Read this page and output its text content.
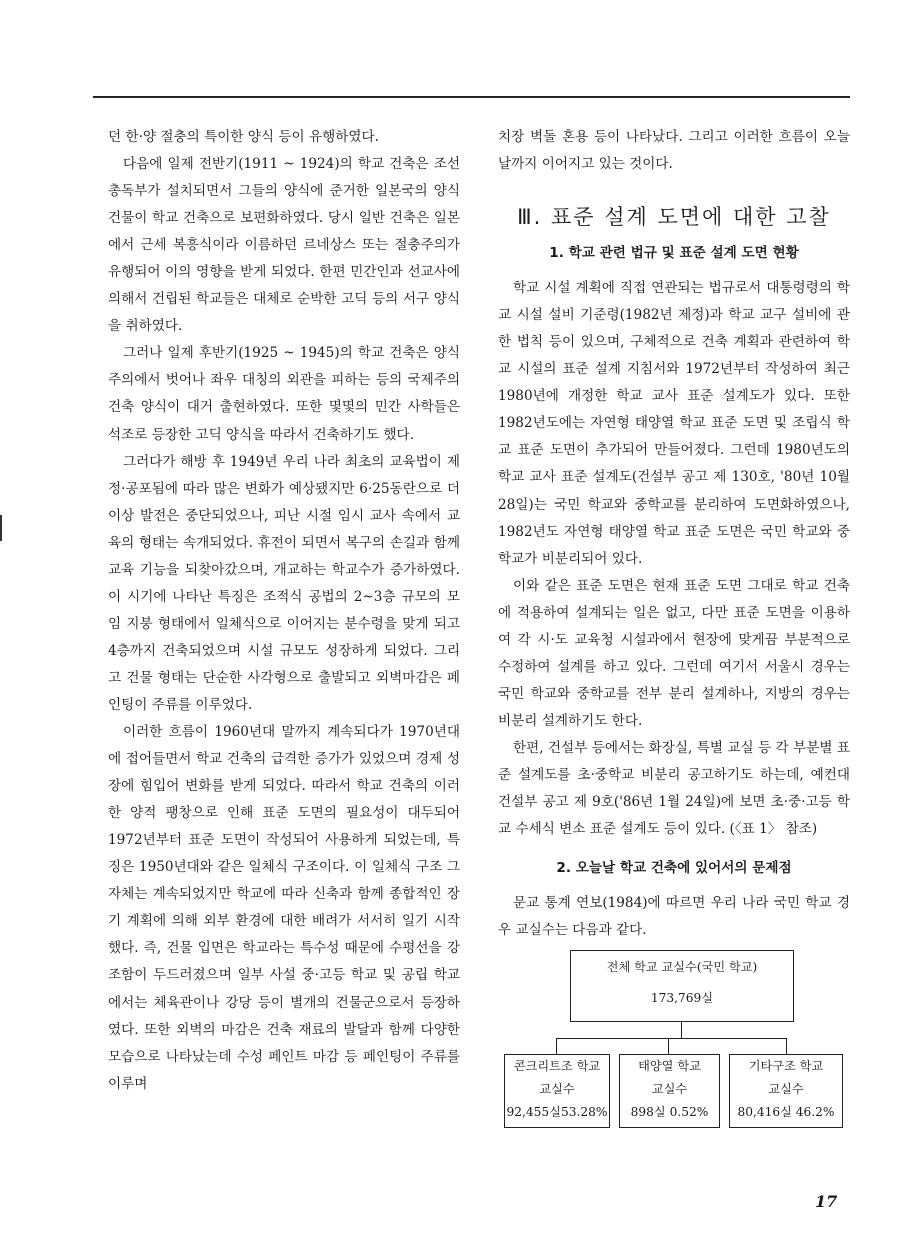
던 한·양 절충의 특이한 양식 등이 유행하였다.

다음에 일제 전반기(1911 ~ 1924)의 학교 건축은 조선 총독부가 설치되면서 그들의 양식에 준거한 일본국의 양식 건물이 학교 건축으로 보편화하였다. 당시 일반 건축은 일본에서 근세 복흥식이라 이름하던 르네상스 또는 절충주의가 유행되어 이의 영향을 받게 되었다. 한편 민간인과 선교사에 의해서 건립된 학교들은 대체로 순박한 고딕 등의 서구 양식을 취하였다.

그러나 일제 후반기(1925 ~ 1945)의 학교 건축은 양식주의에서 벗어나 좌우 대칭의 외관을 피하는 등의 국제주의 건축 양식이 대거 출현하였다. 또한 몇몇의 민간 사학들은 석조로 등장한 고딕 양식을 따라서 건축하기도 했다.

그러다가 해방 후 1949년 우리 나라 최초의 교육법이 제정·공포됨에 따라 많은 변화가 예상됐지만 6·25동란으로 더 이상 발전은 중단되었으나, 피난 시절 임시 교사 속에서 교육의 형태는 속개되었다. 휴전이 되면서 복구의 손길과 함께 교육 기능을 되찾아갔으며, 개교하는 학교수가 증가하였다. 이 시기에 나타난 특징은 조적식 공법의 2~3층 규모의 모임 지붕 형태에서 일체식으로 이어지는 분수령을 맞게 되고 4층까지 건축되었으며 시설 규모도 성장하게 되었다. 그리고 건물 형태는 단순한 사각형으로 출발되고 외벽마감은 페인팅이 주류를 이루었다.

이러한 흐름이 1960년대 말까지 계속되다가 1970년대에 접어들면서 학교 건축의 급격한 증가가 있었으며 경제 성장에 힘입어 변화를 받게 되었다. 따라서 학교 건축의 이러한 양적 팽창으로 인해 표준 도면의 필요성이 대두되어 1972년부터 표준 도면이 작성되어 사용하게 되었는데, 특징은 1950년대와 같은 일체식 구조이다. 이 일체식 구조 그 자체는 계속되었지만 학교에 따라 신축과 함께 종합적인 장기 계획에 의해 외부 환경에 대한 배려가 서서히 일기 시작했다. 즉, 건물 입면은 학교라는 특수성 때문에 수평선을 강조함이 두드러졌으며 일부 사설 중·고등 학교 및 공립 학교에서는 체육관이나 강당 등이 별개의 건물군으로서 등장하였다. 또한 외벽의 마감은 건축 재료의 발달과 함께 다양한 모습으로 나타났는데 수성 페인트 마감 등 페인팅이 주류를 이루며

치장 벽돌 혼용 등이 나타났다. 그리고 이러한 흐름이 오늘날까지 이어지고 있는 것이다.

Ⅲ. 표준 설계 도면에 대한 고찰
1. 학교 관련 법규 및 표준 설계 도면 현황

학교 시설 계획에 직접 연관되는 법규로서 대통령령의 학교 시설 설비 기준령(1982년 제정)과 학교 교구 설비에 관한 법칙 등이 있으며, 구체적으로 건축 계획과 관련하여 학교 시설의 표준 설계 지침서와 1972년부터 작성하여 최근 1980년에 개정한 학교 교사 표준 설계도가 있다. 또한 1982년도에는 자연형 태양열 학교 표준 도면 및 조립식 학교 표준 도면이 추가되어 만들어졌다. 그런데 1980년도의 학교 교사 표준 설계도(건설부 공고 제 130호, '80년 10월 28일)는 국민 학교와 중학교를 분리하여 도면화하였으나, 1982년도 자연형 태양열 학교 표준 도면은 국민 학교와 중학교가 비분리되어 있다.

이와 같은 표준 도면은 현재 표준 도면 그대로 학교 건축에 적용하여 설계되는 일은 없고, 다만 표준 도면을 이용하여 각 시·도 교육청 시설과에서 현장에 맞게끔 부분적으로 수정하여 설계를 하고 있다. 그런데 여기서 서울시 경우는 국민 학교와 중학교를 전부 분리 설계하나, 지방의 경우는 비분리 설계하기도 한다.

한편, 건설부 등에서는 화장실, 특별 교실 등 각 부분별 표준 설계도를 초·중학교 비분리 공고하기도 하는데, 예컨대 건설부 공고 제 9호('86년 1월 24일)에 보면 초·중·고등 학교 수세식 변소 표준 설계도 등이 있다. (〈표 1〉 참조)

2. 오늘날 학교 건축에 있어서의 문제점

문교 통계 연보(1984)에 따르면 우리 나라 국민 학교 경우 교실수는 다음과 같다.

전체 학교 교실수(국민 학교)
173,769실
콘크리트조 학교
교실수
92,455실53.28%
태양열 학교
교실수
898실 0.52%
기타구조 학교
교실수
80,416실 46.2%
17
